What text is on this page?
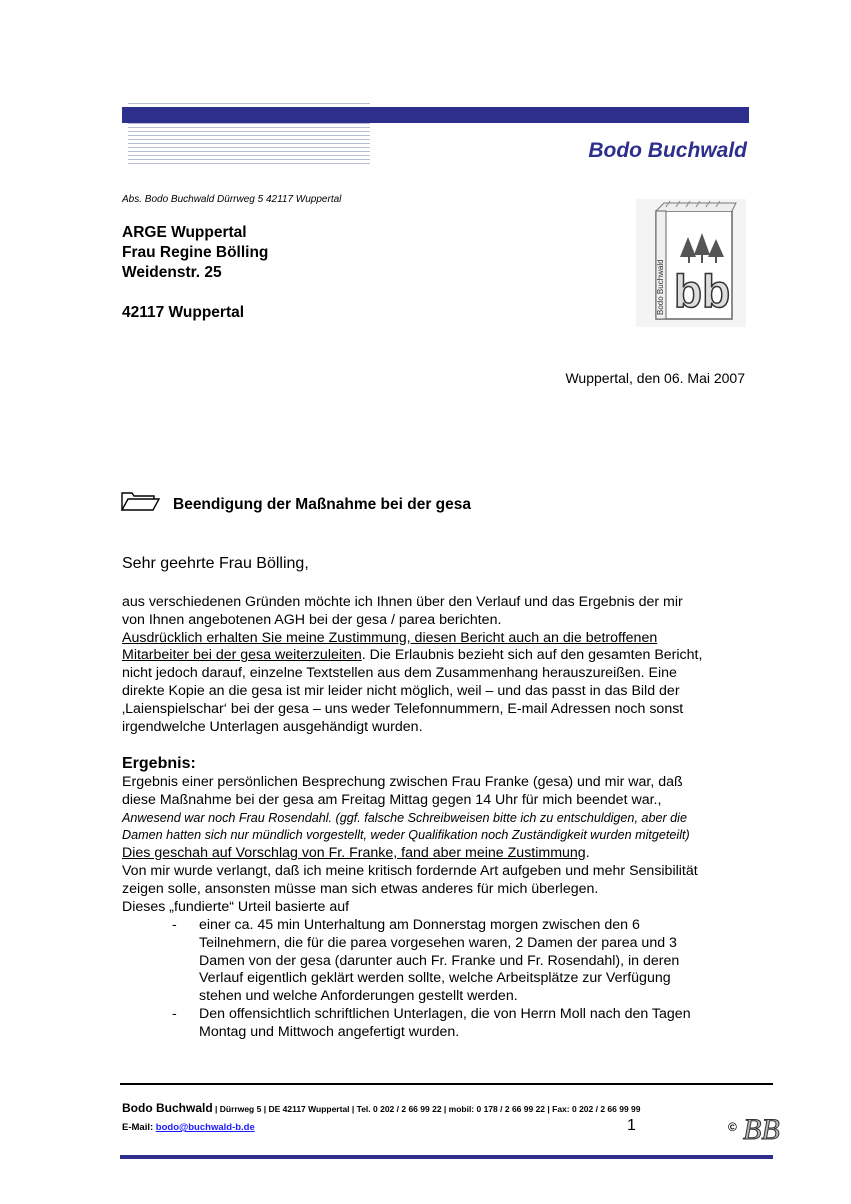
Bodo Buchwald
Abs. Bodo Buchwald Dürrweg 5 42117 Wuppertal
ARGE Wuppertal
Frau Regine Bölling
Weidenstr. 25
42117 Wuppertal	Bodo Buchwald bb
Wuppertal, den 06. Mai 2007
Beendigung der Maßnahme bei der gesa
Sehr geehrte Frau Bölling,
aus verschiedenen Gründen möchte ich Ihnen über den Verlauf und das Ergebnis der mir
von Ihnen angebotenen AGH bei der gesa / parea berichten.
Ausdrücklich erhalten Sie meine Zustimmung, diesen Bericht auch an die betroffenen
Mitarbeiter bei der gesa weiterzuleiten. Die Erlaubnis bezieht sich auf den gesamten Bericht,
nicht jedoch darauf, einzelne Textstellen aus dem Zusammenhang herauszureißen. Eine
direkte Kopie an die gesa ist mir leider nicht möglich, weil – und das passt in das Bild der
‚Laienspielschar‘ bei der gesa – uns weder Telefonnummern, E-mail Adressen noch sonst
irgendwelche Unterlagen ausgehändigt wurden.
Ergebnis:
Ergebnis einer persönlichen Besprechung zwischen Frau Franke (gesa) und mir war, daß
diese Maßnahme bei der gesa am Freitag Mittag gegen 14 Uhr für mich beendet war.,
Anwesend war noch Frau Rosendahl. (ggf. falsche Schreibweisen bitte ich zu entschuldigen, aber die
Damen hatten sich nur mündlich vorgestellt, weder Qualifikation noch Zuständigkeit wurden mitgeteilt)
Dies geschah auf Vorschlag von Fr. Franke, fand aber meine Zustimmung.
Von mir wurde verlangt, daß ich meine kritisch fordernde Art aufgeben und mehr Sensibilität
zeigen solle, ansonsten müsse man sich etwas anderes für mich überlegen.
Dieses „fundierte“ Urteil basierte auf
- einer ca. 45 min Unterhaltung am Donnerstag morgen zwischen den 6
Teilnehmern, die für die parea vorgesehen waren, 2 Damen der parea und 3
Damen von der gesa (darunter auch Fr. Franke und Fr. Rosendahl), in deren
Verlauf eigentlich geklärt werden sollte, welche Arbeitsplätze zur Verfügung
stehen und welche Anforderungen gestellt werden.
- Den offensichtlich schriftlichen Unterlagen, die von Herrn Moll nach den Tagen
Montag und Mittwoch angefertigt wurden.
Bodo Buchwald | Dürrweg 5 | DE 42117 Wuppertal | Tel. 0 202 / 2 66 99 22 | mobil: 0 178 / 2 66 99 22 | Fax: 0 202 / 2 66 99 99
E-Mail: bodo@buchwald-b.de	1	© BB
